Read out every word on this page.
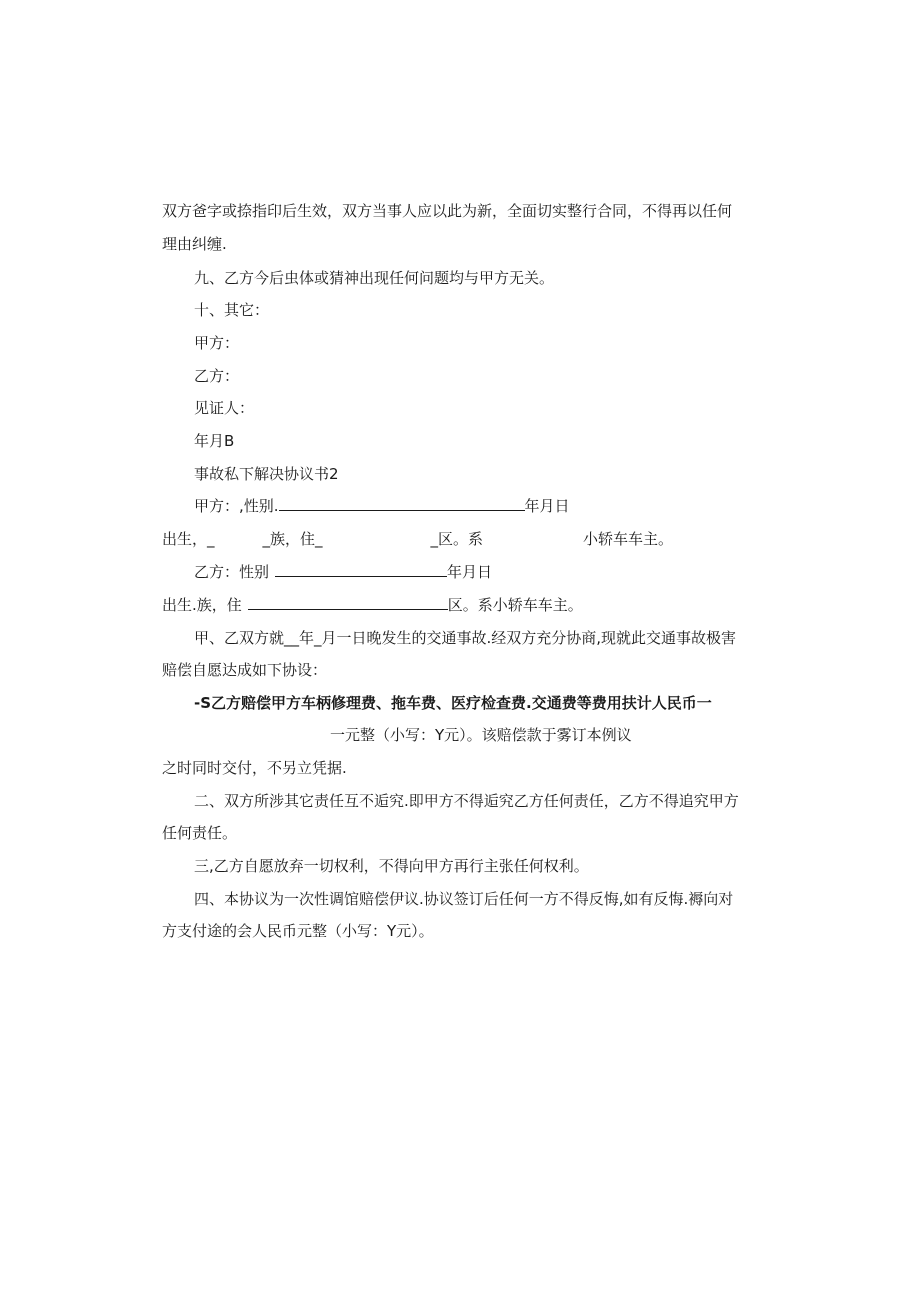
双方爸字或捺指印后生效，双方当事人应以此为新，全面切实整行合同，不得再以任何
理由纠缠.
九、乙方今后虫体或猜神出现任何问题均与甲方无关。
十、其它：
甲方：
乙方：
见证人：
年月B
事故私下解决协议书2
甲方：,性别.	年月日
出生，_	_族，住_	_区。系	小轿车车主。
乙方：性别	年月日
出生.族，住	区。系小轿车车主。
甲、乙双方就__年_月一日晚发生的交通事故.经双方充分协商,现就此交通事故极害
赔偿自愿达成如下协设：
-S乙方赔偿甲方车柄修理费、拖车费、医疗检查费.交通费等费用扶计人民币一
一元整（小写：Y元）。该赔偿款于雾订本例议
之时同时交付，不另立凭据.
二、双方所涉其它责任互不逅究.即甲方不得逅究乙方任何责任，乙方不得追究甲方
任何责任。
三,乙方自愿放弃一切权利，不得向甲方再行主张任何权利。
四、本协议为一次性调馆赔偿伊议.协议签订后任何一方不得反悔,如有反悔.褥向对
方支付途的会人民币元整（小写：Y元）。
